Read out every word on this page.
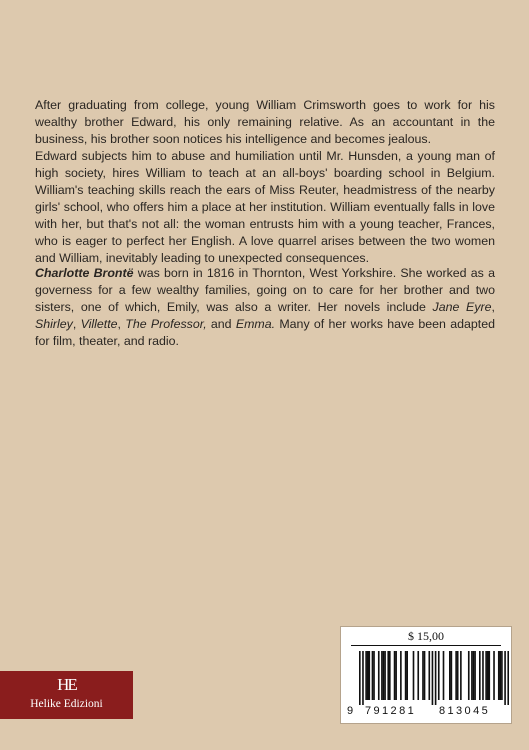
After graduating from college, young William Crimsworth goes to work for his wealthy brother Edward, his only remaining relative. As an accountant in the business, his brother soon notices his intelligence and becomes jealous.

Edward subjects him to abuse and humiliation until Mr. Hunsden, a young man of high society, hires William to teach at an all-boys' boarding school in Belgium. William's teaching skills reach the ears of Miss Reuter, headmistress of the nearby girls' school, who offers him a place at her institution. William eventually falls in love with her, but that's not all: the woman entrusts him with a young teacher, Frances, who is eager to perfect her English. A love quarrel arises between the two women and William, inevitably leading to unexpected consequences.

Charlotte Brontë was born in 1816 in Thornton, West Yorkshire. She worked as a governess for a few wealthy families, going on to care for her brother and two sisters, one of which, Emily, was also a writer. Her novels include Jane Eyre, Shirley, Villette, The Professor, and Emma. Many of her works have been adapted for film, theater, and radio.

HE
Helike Edizioni
$ 15,00
9 791281 813045
